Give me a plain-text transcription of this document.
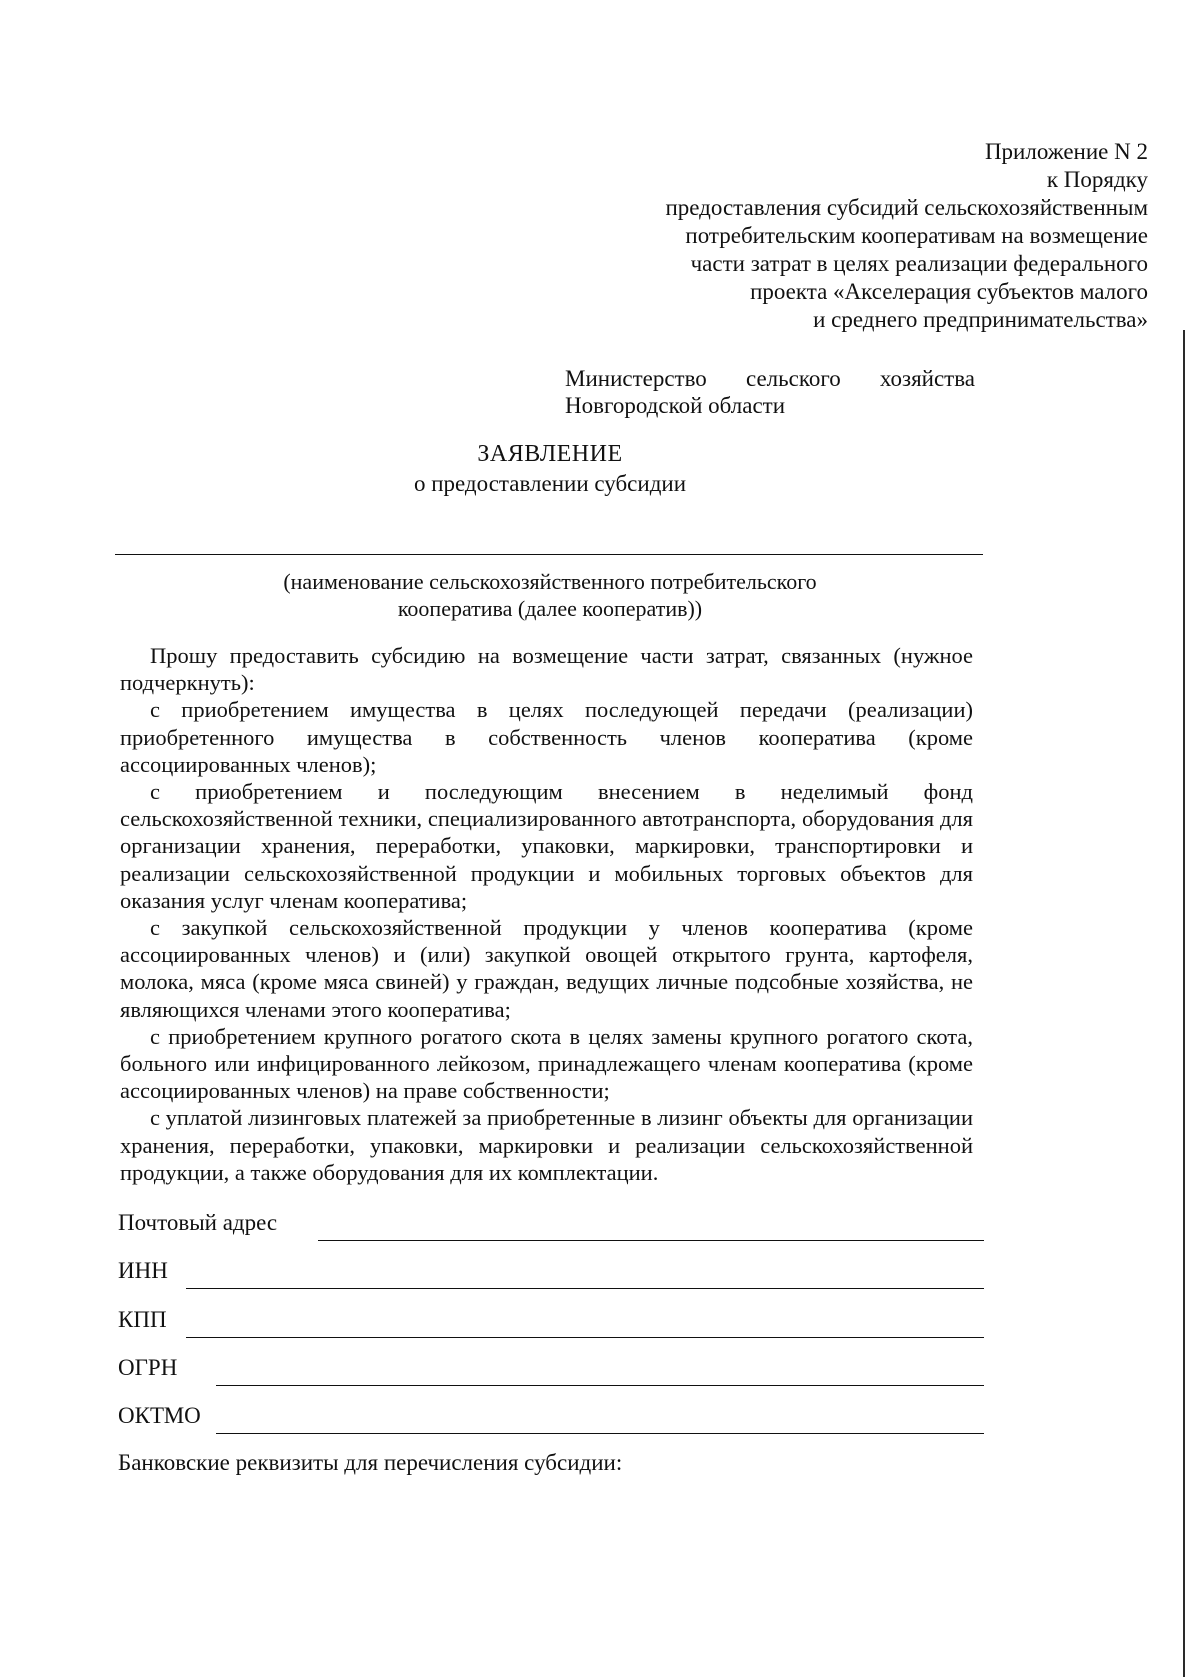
Приложение N 2
к Порядку
предоставления субсидий сельскохозяйственным
потребительским кооперативам на возмещение
части затрат в целях реализации федерального
проекта «Акселерация субъектов малого
и среднего предпринимательства»
Министерство сельского хозяйства
Новгородской области
ЗАЯВЛЕНИЕ
о предоставлении субсидии
(наименование сельскохозяйственного потребительского
кооператива (далее кооператив))

Прошу предоставить субсидию на возмещение части затрат, связанных (нужное подчеркнуть):

с приобретением имущества в целях последующей передачи (реализации) приобретенного имущества в собственность членов кооператива (кроме ассоциированных членов);

с приобретением и последующим внесением в неделимый фонд сельскохозяйственной техники, специализированного автотранспорта, оборудования для организации хранения, переработки, упаковки, маркировки, транспортировки и реализации сельскохозяйственной продукции и мобильных торговых объектов для оказания услуг членам кооператива;

с закупкой сельскохозяйственной продукции у членов кооператива (кроме ассоциированных членов) и (или) закупкой овощей открытого грунта, картофеля, молока, мяса (кроме мяса свиней) у граждан, ведущих личные подсобные хозяйства, не являющихся членами этого кооператива;

с приобретением крупного рогатого скота в целях замены крупного рогатого скота, больного или инфицированного лейкозом, принадлежащего членам кооператива (кроме ассоциированных членов) на праве собственности;

с уплатой лизинговых платежей за приобретенные в лизинг объекты для организации хранения, переработки, упаковки, маркировки и реализации сельскохозяйственной продукции, а также оборудования для их комплектации.

Почтовый адрес
ИНН
КПП
ОГРН
ОКТМО
Банковские реквизиты для перечисления субсидии:
